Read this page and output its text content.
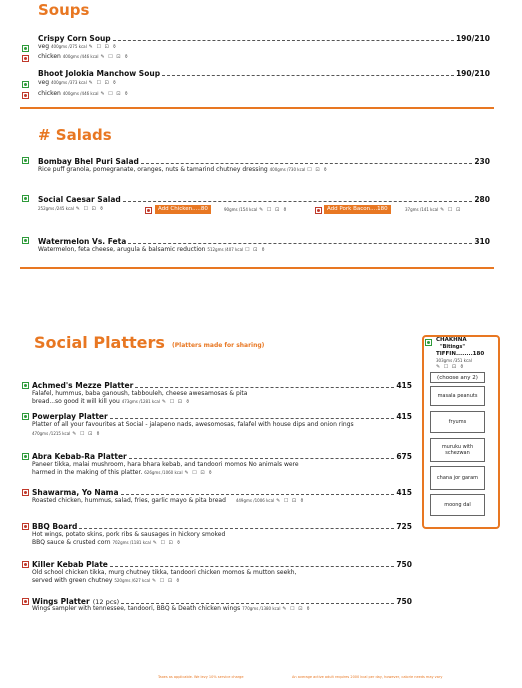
Soups
Crispy Corn Soup	190/210
veg 400gms /275 kcal ✎ ☐ ⊡ ⚱
chicken 400gms /446 kcal ✎ ☐ ⊡ ⚱
Bhoot Jolokia Manchow Soup	190/210
veg 400gms /373 kcal ✎ ☐ ⊡ ⚱
chicken 400gms /446 kcal ✎ ☐ ⊡ ⚱
# Salads
Bombay Bhel Puri Salad	230
Rice puff granola, pomegranate, oranges, nuts & tamarind chutney dressing 400gms /730 kcal ☐ ⊡ ⚱
Social Caesar Salad	280
252gms /245 kcal ✎ ☐ ⊡ ⚱	Add Chicken.....80	90gms /154 kcal ✎ ☐ ⊡ ⚱	Add Pork Bacon....180	37gms /141 kcal ✎ ☐ ⊡
Watermelon Vs. Feta	310
Watermelon, feta cheese, arugula & balsamic reduction 512gms /407 kcal ☐ ⊡ ⚱
Social Platters (Platters made for sharing)
Achmed's Mezze Platter	415
Falafel, hummus, baba ganoush, tabbouleh, cheese awesamosas & pita
bread...so good it will kill you 473gms /1281 kcal ✎ ☐ ⊡ ⚱
Powerplay Platter	415
Platter of all your favourites at Social - jalapeno nads, awesomosas, falafel with house dips and onion rings
470gms /1215 kcal ✎ ☐ ⊡ ⚱
Abra Kebab-Ra Platter	675
Paneer tikka, malai mushroom, hara bhara kebab, and tandoori momos No animals were
harmed in the making of this platter. 626gms /1060 kcal ✎ ☐ ⊡ ⚱
Shawarma, Yo Nama	415
Roasted chicken, hummus, salad, fries, garlic mayo & pita bread 449gms /1006 kcal ✎ ☐ ⊡ ⚱
BBQ Board	725
Hot wings, potato skins, pork ribs & sausages in hickory smoked
BBQ sauce & crusted corn 702gms /1181 kcal ✎ ☐ ⊡ ⚱
Killer Kebab Plate	750
Old school chicken tikka, murg chutney tikka, tandoori chicken momos & mutton seekh,
served with green chutney 520gms /627 kcal ✎ ☐ ⊡ ⚱
Wings Platter (12 pcs)	750
Wings sampler with tennessee, tandoori, BBQ & Death chicken wings 770gms /1380 kcal ✎ ☐ ⊡ ⚱
CHAKHNA
"Bitings"
TIFFIN........180
303gms /351 kcal
✎ ☐ ⊡ ⚱
(choose any 2)
masala peanuts
fryums
muruku with schezwan
chana jor garam
moong dal
Taxes as applicable. We levy 10% service charge	An average active adult requires 2000 kcal per day, however, calorie needs may vary
